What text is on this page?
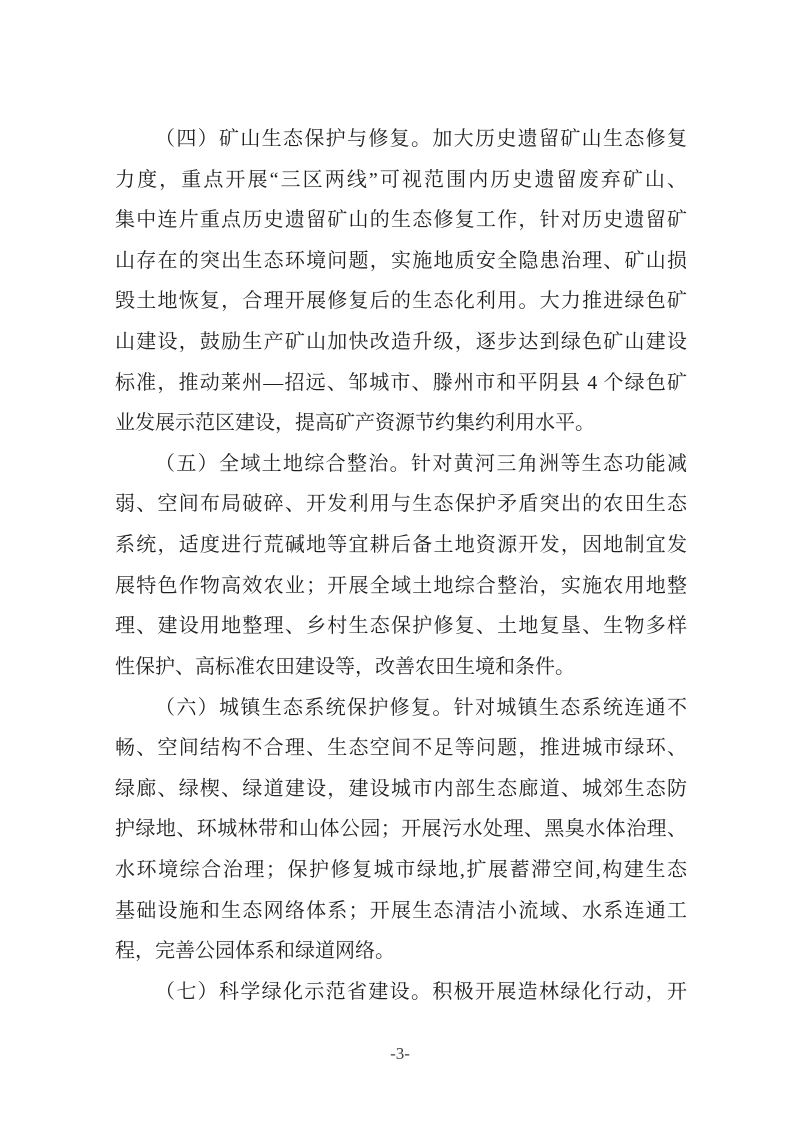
（四）矿山生态保护与修复。加大历史遗留矿山生态修复
力度，重点开展“三区两线”可视范围内历史遗留废弃矿山、
集中连片重点历史遗留矿山的生态修复工作，针对历史遗留矿
山存在的突出生态环境问题，实施地质安全隐患治理、矿山损
毁土地恢复，合理开展修复后的生态化利用。大力推进绿色矿
山建设，鼓励生产矿山加快改造升级，逐步达到绿色矿山建设
标准，推动莱州—招远、邹城市、滕州市和平阴县 4 个绿色矿
业发展示范区建设，提高矿产资源节约集约利用水平。
（五）全域土地综合整治。针对黄河三角洲等生态功能减
弱、空间布局破碎、开发利用与生态保护矛盾突出的农田生态
系统，适度进行荒碱地等宜耕后备土地资源开发，因地制宜发
展特色作物高效农业；开展全域土地综合整治，实施农用地整
理、建设用地整理、乡村生态保护修复、土地复垦、生物多样
性保护、高标准农田建设等，改善农田生境和条件。
（六）城镇生态系统保护修复。针对城镇生态系统连通不
畅、空间结构不合理、生态空间不足等问题，推进城市绿环、
绿廊、绿楔、绿道建设，建设城市内部生态廊道、城郊生态防
护绿地、环城林带和山体公园；开展污水处理、黑臭水体治理、
水环境综合治理；保护修复城市绿地,扩展蓄滞空间,构建生态
基础设施和生态网络体系；开展生态清洁小流域、水系连通工
程，完善公园体系和绿道网络。
（七）科学绿化示范省建设。积极开展造林绿化行动，开
-3-
